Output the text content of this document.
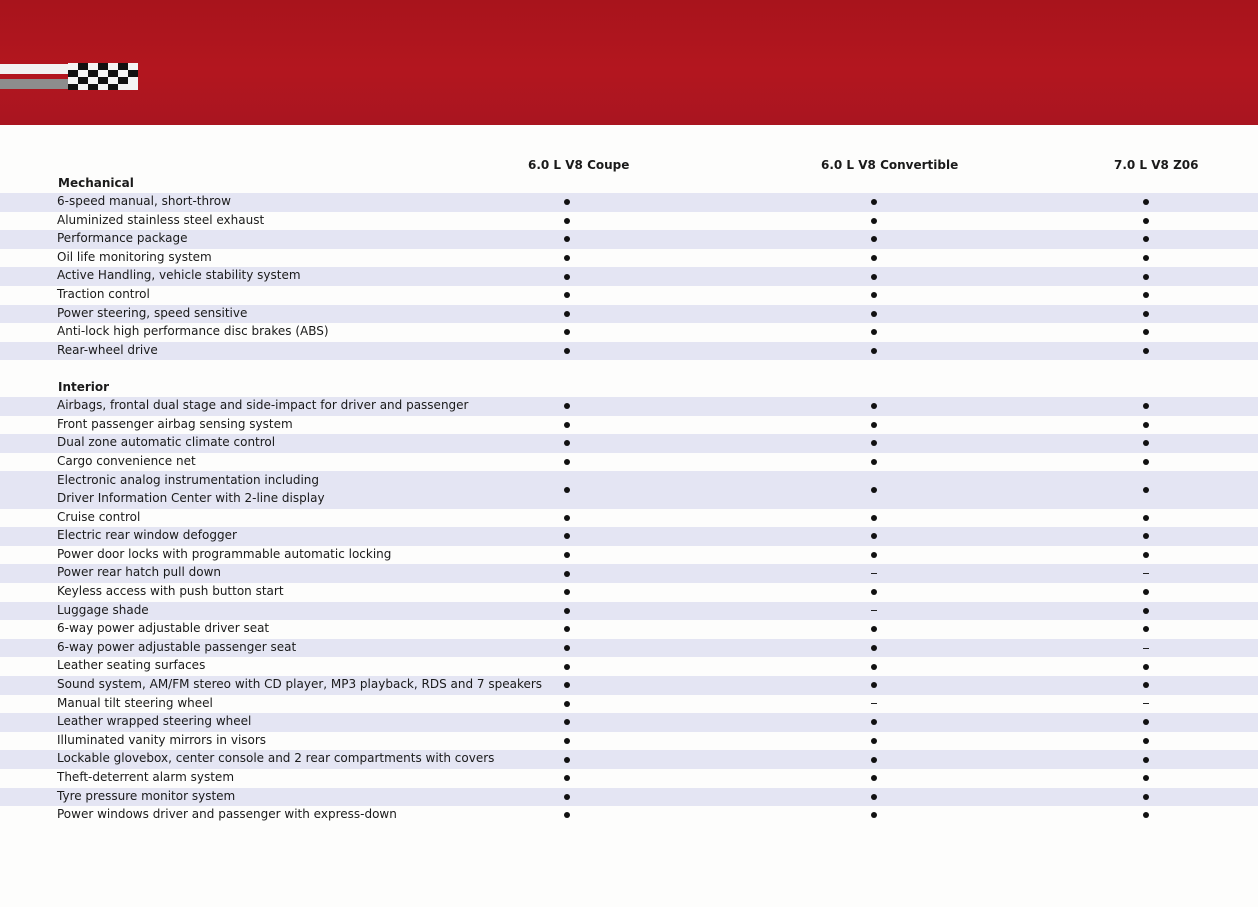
6.0 L V8 Coupe	6.0 L V8 Convertible	7.0 L V8 Z06
Mechanical
6-speed manual, short-throw
Aluminized stainless steel exhaust
Performance package
Oil life monitoring system
Active Handling, vehicle stability system
Traction control
Power steering, speed sensitive
Anti-lock high performance disc brakes (ABS)
Rear-wheel drive
Interior
Airbags, frontal dual stage and side-impact for driver and passenger
Front passenger airbag sensing system
Dual zone automatic climate control
Cargo convenience net
Electronic analog instrumentation including
Driver Information Center with 2-line display
Cruise control
Electric rear window defogger
Power door locks with programmable automatic locking
Power rear hatch pull down
Keyless access with push button start
Luggage shade
6-way power adjustable driver seat
6-way power adjustable passenger seat
Leather seating surfaces
Sound system, AM/FM stereo with CD player, MP3 playback, RDS and 7 speakers
Manual tilt steering wheel
Leather wrapped steering wheel
Illuminated vanity mirrors in visors
Lockable glovebox, center console and 2 rear compartments with covers
Theft-deterrent alarm system
Tyre pressure monitor system
Power windows driver and passenger with express-down
